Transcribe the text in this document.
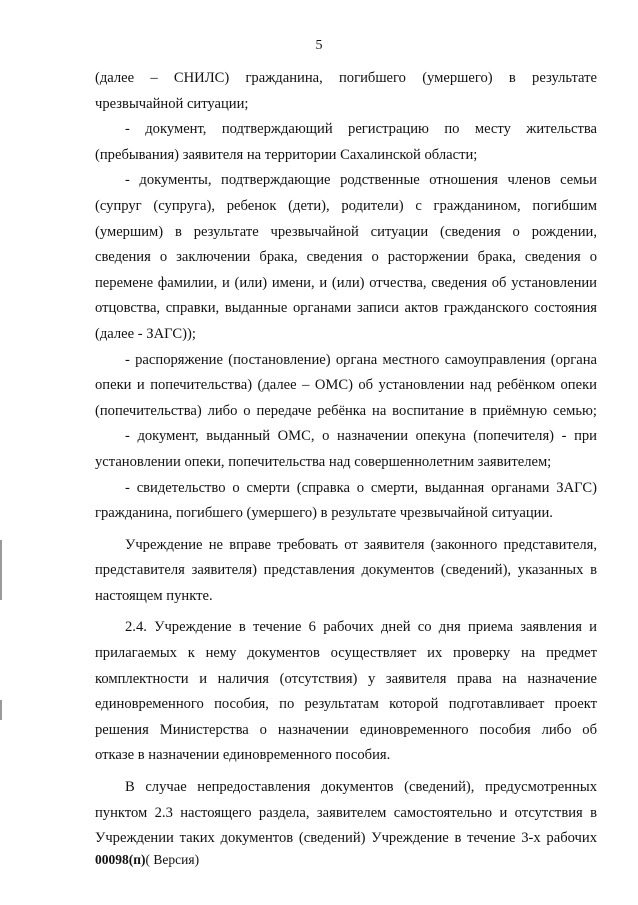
5
(далее – СНИЛС) гражданина, погибшего (умершего) в результате
чрезвычайной ситуации;
- документ, подтверждающий регистрацию по месту жительства
(пребывания) заявителя на территории Сахалинской области;
- документы, подтверждающие родственные отношения членов семьи
(супруг (супруга), ребенок (дети), родители) с гражданином, погибшим
(умершим) в результате чрезвычайной ситуации (сведения о рождении,
сведения о заключении брака, сведения о расторжении брака, сведения о
перемене фамилии, и (или) имени, и (или) отчества, сведения об установлении
отцовства, справки, выданные органами записи актов гражданского состояния
(далее - ЗАГС));
- распоряжение (постановление) органа местного самоуправления (органа
опеки и попечительства) (далее – ОМС) об установлении над ребёнком опеки
(попечительства) либо о передаче ребёнка на воспитание в приёмную семью;
- документ, выданный ОМС, о назначении опекуна (попечителя) - при
установлении опеки, попечительства над совершеннолетним заявителем;
- свидетельство о смерти (справка о смерти, выданная органами ЗАГС)
гражданина, погибшего (умершего) в результате чрезвычайной ситуации.
Учреждение не вправе требовать от заявителя (законного представителя,
представителя заявителя) представления документов (сведений), указанных в
настоящем пункте.
2.4. Учреждение в течение 6 рабочих дней со дня приема заявления и
прилагаемых к нему документов осуществляет их проверку на предмет
комплектности и наличия (отсутствия) у заявителя права на назначение
единовременного пособия, по результатам которой подготавливает проект
решения Министерства о назначении единовременного пособия либо об
отказе в назначении единовременного пособия.
В случае непредоставления документов (сведений), предусмотренных
пунктом 2.3 настоящего раздела, заявителем самостоятельно и отсутствия в
Учреждении таких документов (сведений) Учреждение в течение 3-х рабочих
00098(п)( Версия)
